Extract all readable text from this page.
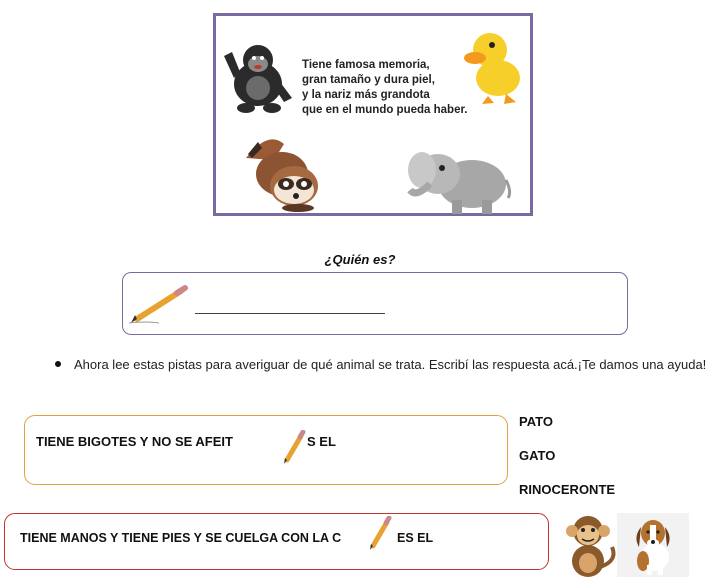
Tiene famosa memoria,
gran tamaño y dura piel,
y la nariz más grandota
que en el mundo pueda haber.
¿Quién es?
Ahora lee estas pistas para averiguar de qué animal se trata. Escribí las respuesta acá.¡Te damos una ayuda!
TIENE BIGOTES Y NO SE AFEIT	S EL
PATO
GATO
RINOCERONTE
TIENE MANOS Y TIENE PIES Y SE CUELGA CON LA C	ES EL
